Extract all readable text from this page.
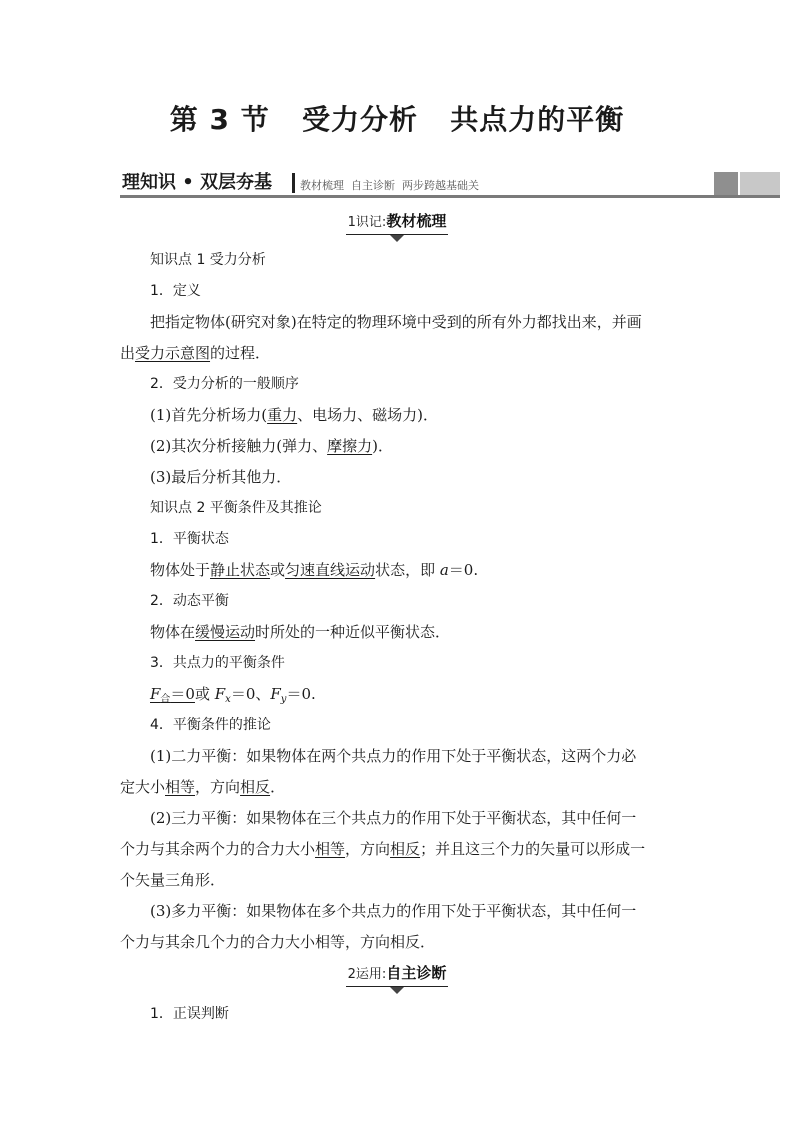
第 3 节   受力分析   共点力的平衡
理知识 • 双层夯基	教材梳理  自主诊断  两步跨越基础关
1识记:教材梳理
知识点 1 受力分析
1．定义
把指定物体(研究对象)在特定的物理环境中受到的所有外力都找出来，并画
出受力示意图的过程．
2．受力分析的一般顺序
(1)首先分析场力(重力、电场力、磁场力)．
(2)其次分析接触力(弹力、摩擦力)．
(3)最后分析其他力．
知识点 2 平衡条件及其推论
1．平衡状态
物体处于静止状态或匀速直线运动状态，即 a＝0.
2．动态平衡
物体在缓慢运动时所处的一种近似平衡状态．
3．共点力的平衡条件
$F_合=0$或 $F_x=0$、$F_y=0$.
4．平衡条件的推论
(1)二力平衡：如果物体在两个共点力的作用下处于平衡状态，这两个力必
定大小相等，方向相反．
(2)三力平衡：如果物体在三个共点力的作用下处于平衡状态，其中任何一
个力与其余两个力的合力大小相等，方向相反；并且这三个力的矢量可以形成一
个矢量三角形．
(3)多力平衡：如果物体在多个共点力的作用下处于平衡状态，其中任何一
个力与其余几个力的合力大小相等，方向相反．
2运用:自主诊断
1．正误判断
